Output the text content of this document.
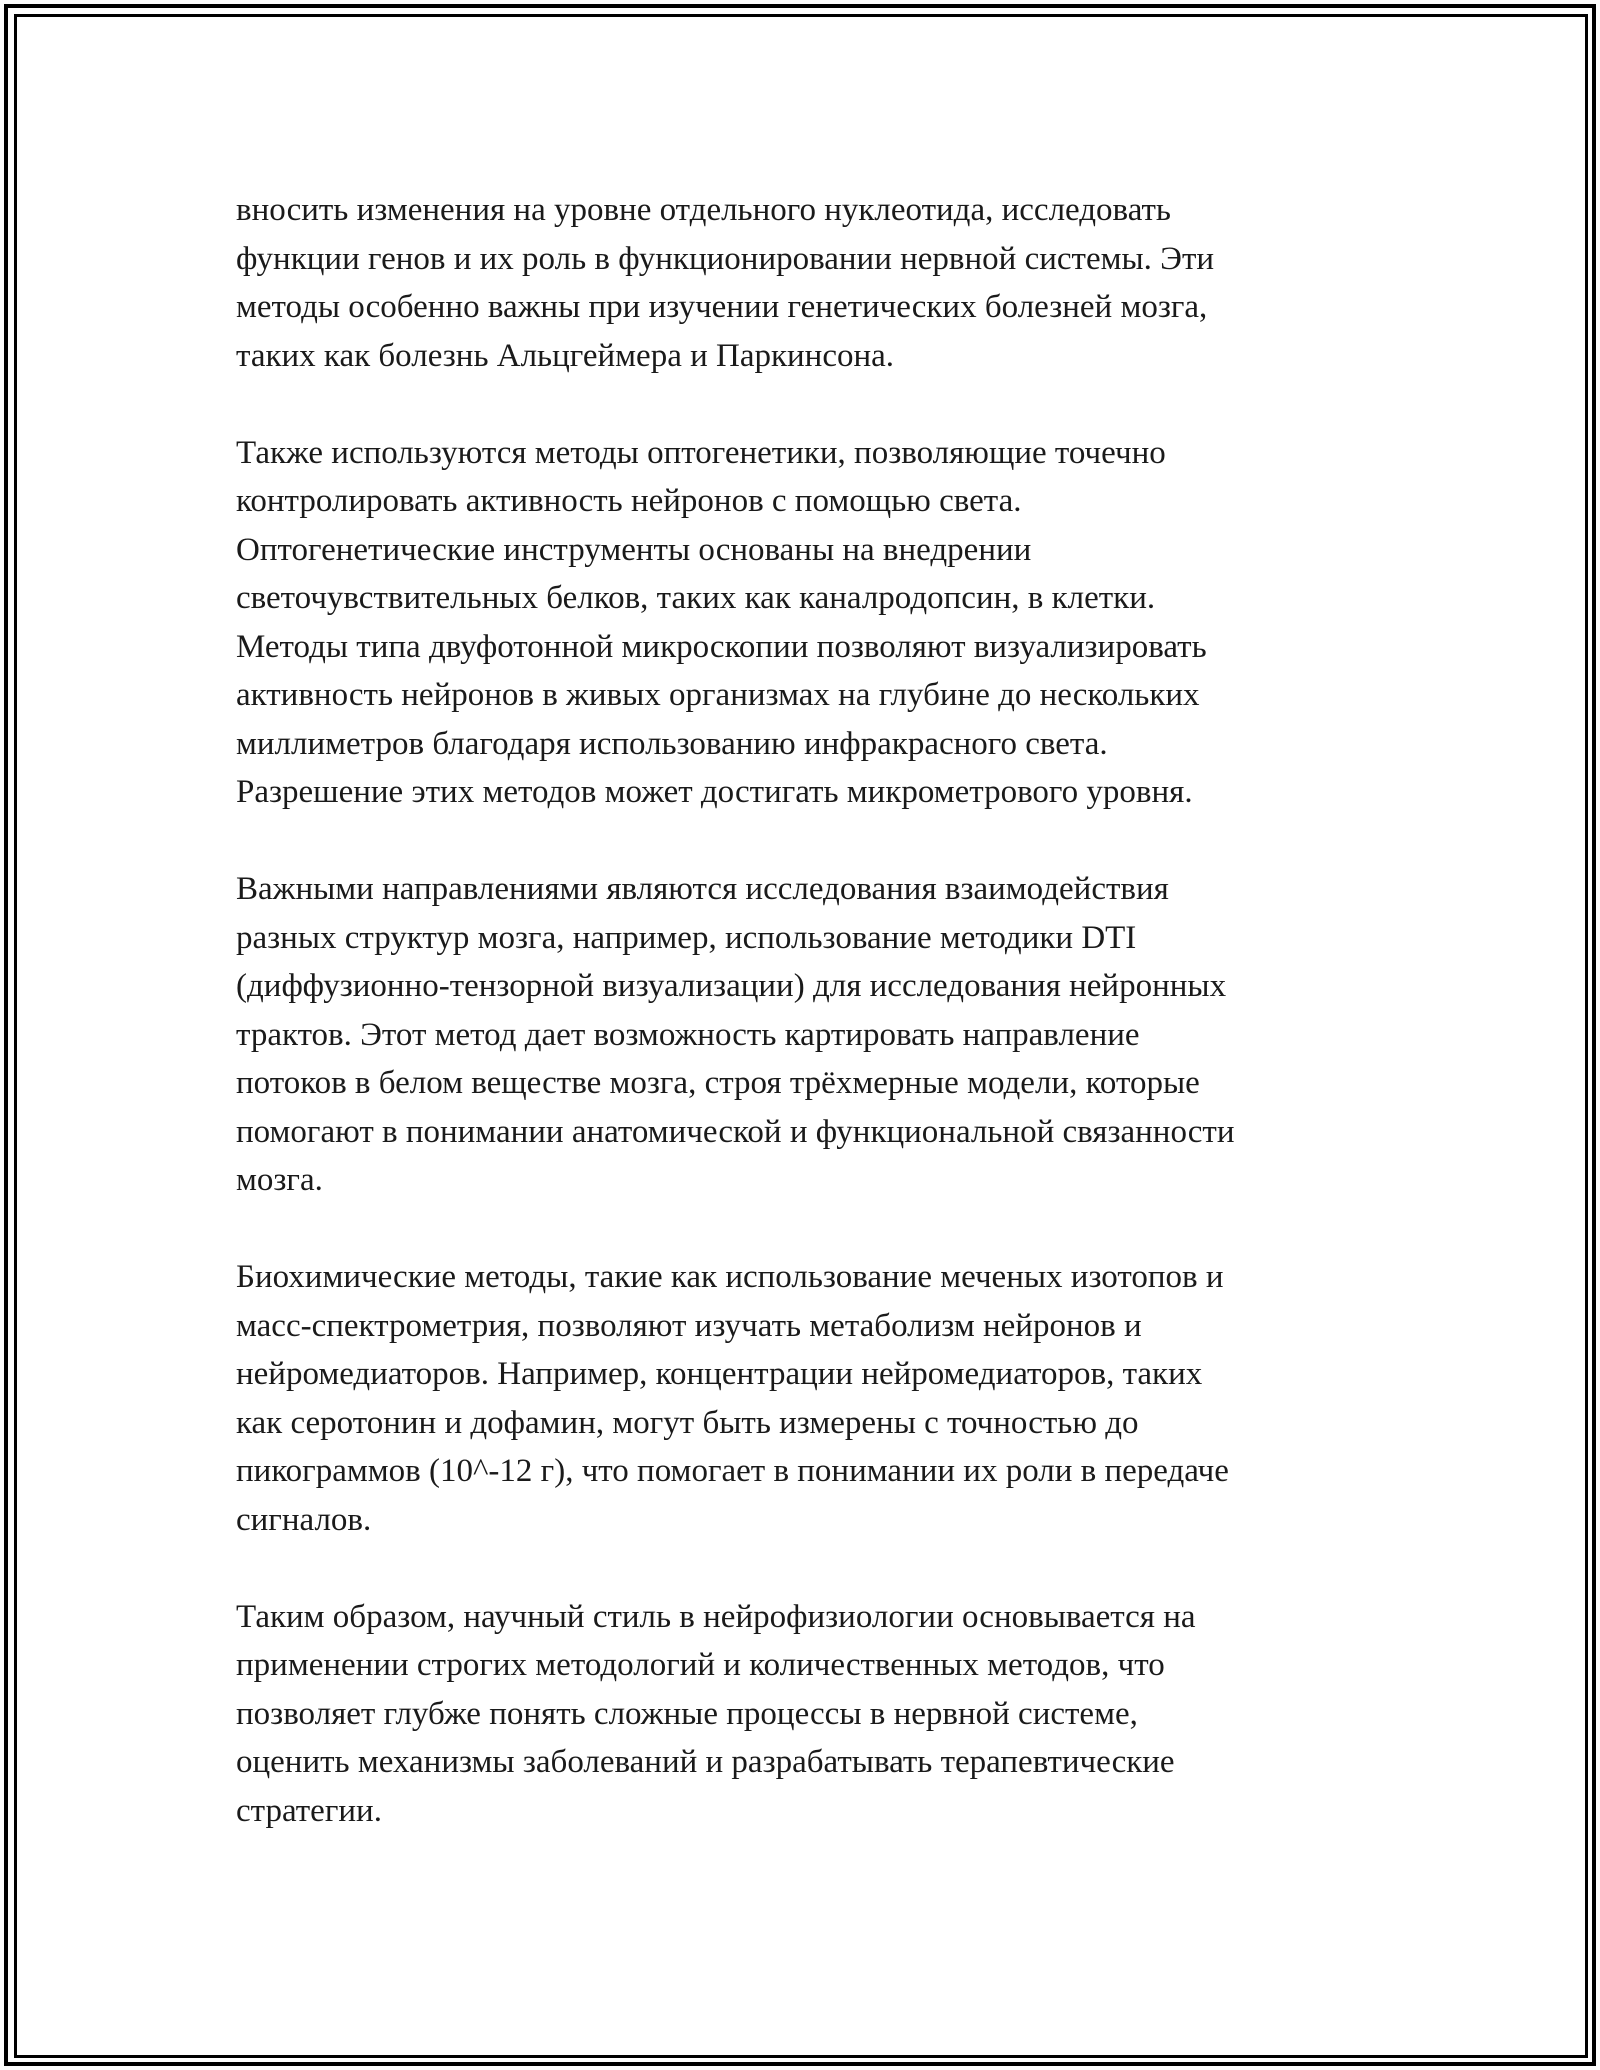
вносить изменения на уровне отдельного нуклеотида, исследовать
функции генов и их роль в функционировании нервной системы. Эти
методы особенно важны при изучении генетических болезней мозга,
таких как болезнь Альцгеймера и Паркинсона.

Также используются методы оптогенетики, позволяющие точечно
контролировать активность нейронов с помощью света.
Оптогенетические инструменты основаны на внедрении
светочувствительных белков, таких как каналродопсин, в клетки.
Методы типа двуфотонной микроскопии позволяют визуализировать
активность нейронов в живых организмах на глубине до нескольких
миллиметров благодаря использованию инфракрасного света.
Разрешение этих методов может достигать микрометрового уровня.

Важными направлениями являются исследования взаимодействия
разных структур мозга, например, использование методики DTI
(диффузионно-тензорной визуализации) для исследования нейронных
трактов. Этот метод дает возможность картировать направление
потоков в белом веществе мозга, строя трёхмерные модели, которые
помогают в понимании анатомической и функциональной связанности
мозга.

Биохимические методы, такие как использование меченых изотопов и
масс-спектрометрия, позволяют изучать метаболизм нейронов и
нейромедиаторов. Например, концентрации нейромедиаторов, таких
как серотонин и дофамин, могут быть измерены с точностью до
пикограммов (10^-12 г), что помогает в понимании их роли в передаче
сигналов.

Таким образом, научный стиль в нейрофизиологии основывается на
применении строгих методологий и количественных методов, что
позволяет глубже понять сложные процессы в нервной системе,
оценить механизмы заболеваний и разрабатывать терапевтические
стратегии.
